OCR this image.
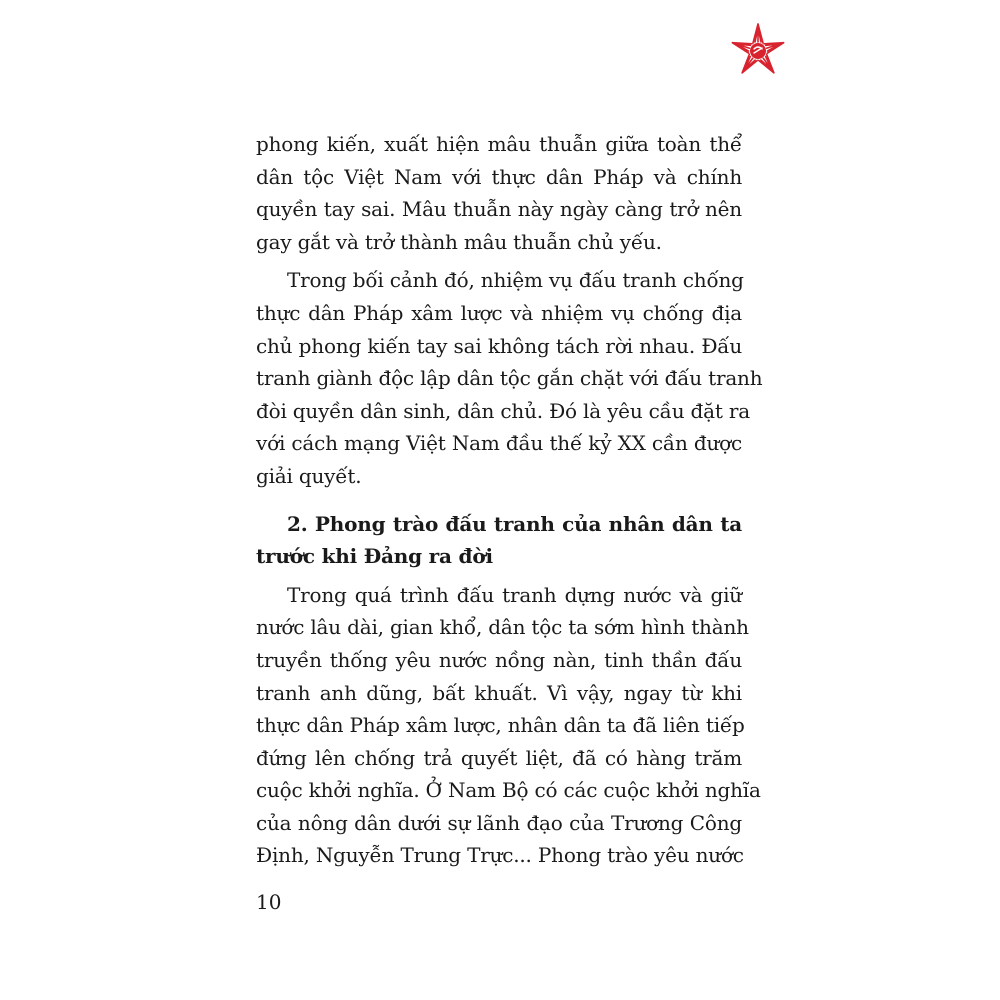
phong kiến, xuất hiện mâu thuẫn giữa toàn thể
dân tộc Việt Nam với thực dân Pháp và chính
quyền tay sai. Mâu thuẫn này ngày càng trở nên
gay gắt và trở thành mâu thuẫn chủ yếu.
Trong bối cảnh đó, nhiệm vụ đấu tranh chống
thực dân Pháp xâm lược và nhiệm vụ chống địa
chủ phong kiến tay sai không tách rời nhau. Đấu
tranh giành độc lập dân tộc gắn chặt với đấu tranh
đòi quyền dân sinh, dân chủ. Đó là yêu cầu đặt ra
với cách mạng Việt Nam đầu thế kỷ XX cần được
giải quyết.
2. Phong trào đấu tranh của nhân dân ta
trước khi Đảng ra đời
Trong quá trình đấu tranh dựng nước và giữ
nước lâu dài, gian khổ, dân tộc ta sớm hình thành
truyền thống yêu nước nồng nàn, tinh thần đấu
tranh anh dũng, bất khuất. Vì vậy, ngay từ khi
thực dân Pháp xâm lược, nhân dân ta đã liên tiếp
đứng lên chống trả quyết liệt, đã có hàng trăm
cuộc khởi nghĩa. Ở Nam Bộ có các cuộc khởi nghĩa
của nông dân dưới sự lãnh đạo của Trương Công
Định, Nguyễn Trung Trực... Phong trào yêu nước
10
